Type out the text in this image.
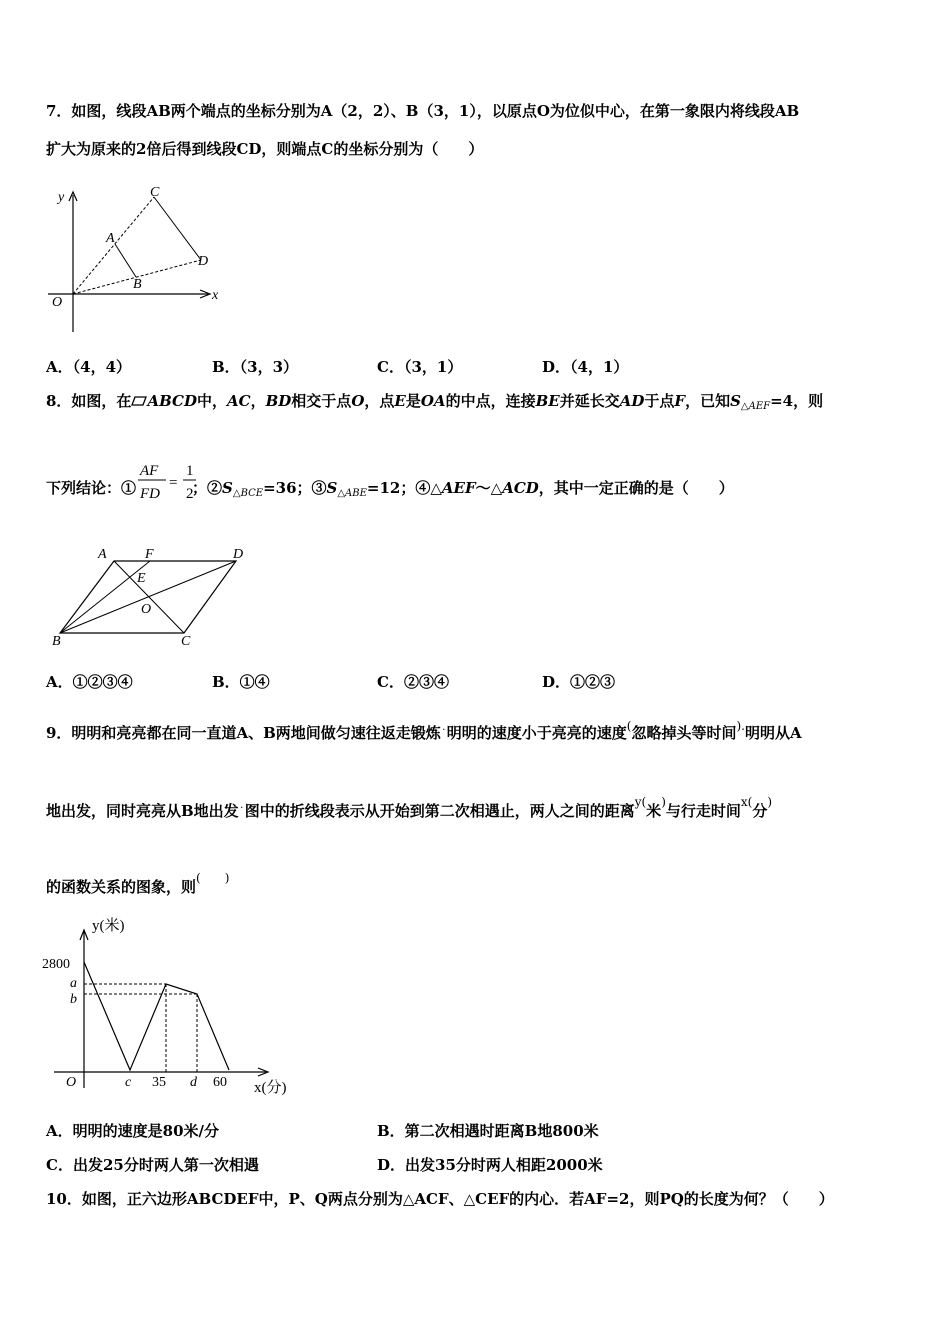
7．如图，线段AB两个端点的坐标分别为A（2，2）、B（3，1），以原点O为位似中心，在第一象限内将线段AB
扩大为原来的2倍后得到线段CD，则端点C的坐标分别为（　　）
y
x
O
A
B
C
D
A．（4，4）	B．（3，3）	C．（3，1）	D．（4，1）
8．如图，在 ABCD中，AC，BD相交于点O，点E是OA的中点，连接BE并延长交AD于点F，已知$S_{\triangle AEF}=4$，则
下列结论：①
AF
FD
=
1
2
；$②S_{\triangle BCE}=36$；$③S_{\triangle ABE}=12$；④△AEF～△ACD，其中一定正确的是（　　）
A	F	D
E
O
B	C
A．①②③④	B．①④	C．②③④	D．①②③
9．明明和亮亮都在同一直道A、B两地间做匀速往返走锻炼˙明明的速度小于亮亮的速度(忽略掉头等时间).明明从A
地出发，同时亮亮从B地出发˙图中的折线段表示从开始到第二次相遇止，两人之间的距离$^{y(}$米)与行走时间$^{x(}$分)
的函数关系的图象，则(　　)
y(米)
2800
a
b
O	c 35 d 60 x(分)
A．明明的速度是80米/分	B．第二次相遇时距离B地800米
C．出发25分时两人第一次相遇	D．出发35分时两人相距2000米
10．如图，正六边形ABCDEF中，P、Q两点分别为△ACF、△CEF的内心．若AF=2，则PQ的长度为何？（　　）
